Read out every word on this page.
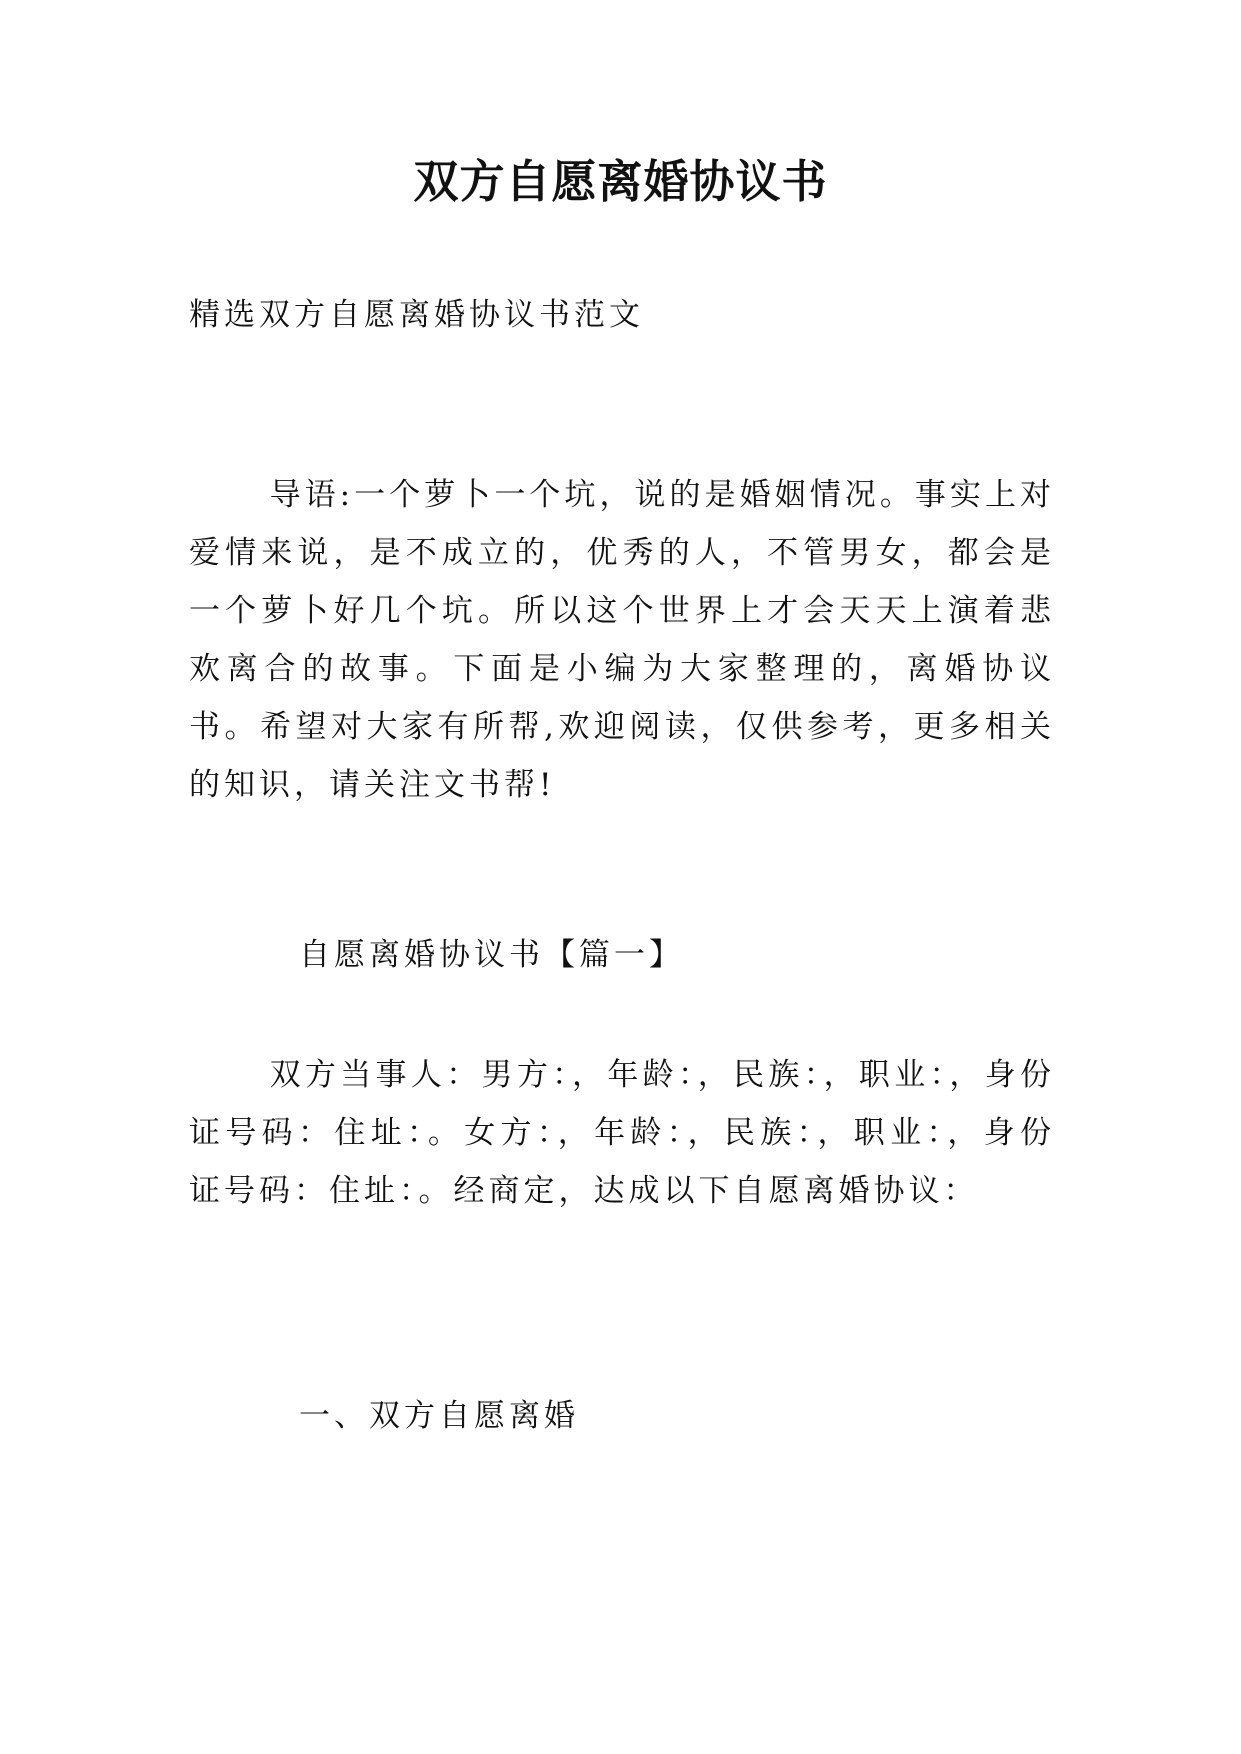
双方自愿离婚协议书

精选双方自愿离婚协议书范文

导语:一个萝卜一个坑，说的是婚姻情况。事实上对爱情来说，是不成立的，优秀的人，不管男女，都会是一个萝卜好几个坑。所以这个世界上才会天天上演着悲欢离合的故事。下面是小编为大家整理的，离婚协议书。希望对大家有所帮,欢迎阅读，仅供参考，更多相关的知识，请关注文书帮!

自愿离婚协议书【篇一】

双方当事人：男方：，年龄：，民族：，职业：，身份证号码：住址：。女方：，年龄：，民族：，职业：，身份证号码：住址：。经商定，达成以下自愿离婚协议：

一、双方自愿离婚
